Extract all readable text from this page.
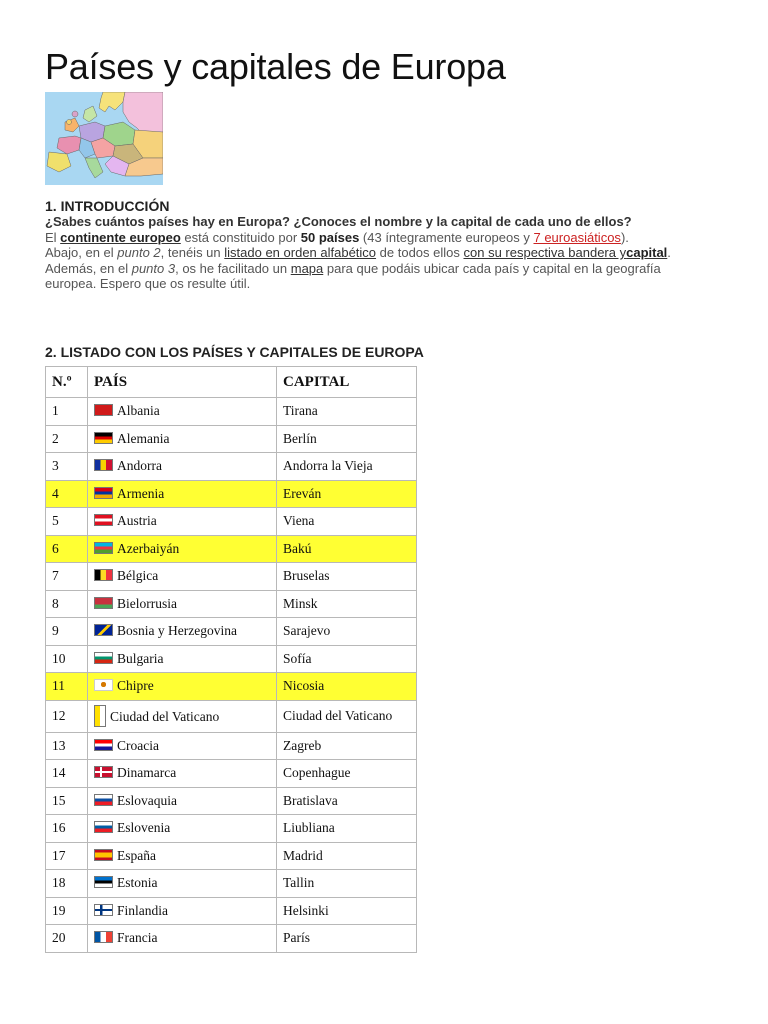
Países y capitales de Europa
1. INTRODUCCIÓN
¿Sabes cuántos países hay en Europa? ¿Conoces el nombre y la capital de cada uno de ellos?

El continente europeo está constituido por 50 países (43 íntegramente europeos y 7 euroasiáticos).

Abajo, en el punto 2, tenéis un listado en orden alfabético de todos ellos con su respectiva bandera ycapital.

Además, en el punto 3, os he facilitado un mapa para que podáis ubicar cada país y capital en la geografía

europea. Espero que os resulte útil.

2. LISTADO CON LOS PAÍSES Y CAPITALES DE EUROPA
N.º	PAÍS	CAPITAL
1	Albania	Tirana
2	Alemania	Berlín
3	Andorra	Andorra la Vieja
4	Armenia	Ereván
5	Austria	Viena
6	Azerbaiyán	Bakú
7	Bélgica	Bruselas
8	Bielorrusia	Minsk
9	Bosnia y Herzegovina	Sarajevo
10	Bulgaria	Sofía
11	Chipre	Nicosia
12	Ciudad del Vaticano	Ciudad del Vaticano
13	Croacia	Zagreb
14	Dinamarca	Copenhague
15	Eslovaquia	Bratislava
16	Eslovenia	Liubliana
17	España	Madrid
18	Estonia	Tallin
19	Finlandia	Helsinki
20	Francia	París
